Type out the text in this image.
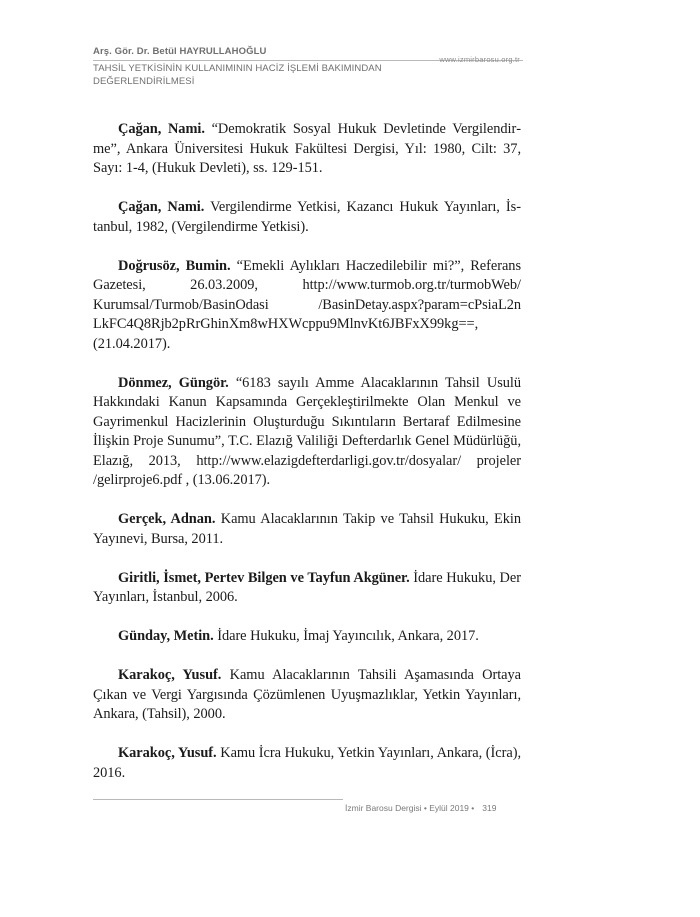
Arş. Gör. Dr. Betül HAYRULLAHOĞLU
www.izmirbarosu.org.tr
TAHSİL YETKİSİNİN KULLANIMININ HACİZ İŞLEMİ BAKIMINDAN DEĞERLENDİRİLMESİ

Çağan, Nami. “Demokratik Sosyal Hukuk Devletinde Vergilendirme”, Ankara Üniversitesi Hukuk Fakültesi Dergisi, Yıl: 1980, Cilt: 37, Sayı: 1-4, (Hukuk Devleti), ss. 129-151.

Çağan, Nami. Vergilendirme Yetkisi, Kazancı Hukuk Yayınları, İstanbul, 1982, (Vergilendirme Yetkisi).

Doğrusöz, Bumin. “Emekli Aylıkları Haczedilebilir mi?”, Referans Gazetesi, 26.03.2009, http://www.turmob.org.tr/turmobWeb/ Kurumsal/Turmob/BasinOdasi /BasinDetay.aspx?param=cPsiaL2n LkFC4Q8Rjb2pRrGhinXm8wHXWcppu9MlnvKt6JBFxX99kg==, (21.04.2017).

Dönmez, Güngör. “6183 sayılı Amme Alacaklarının Tahsil Usulü Hakkındaki Kanun Kapsamında Gerçekleştirilmekte Olan Menkul ve Gayrimenkul Hacizlerinin Oluşturduğu Sıkıntıların Bertaraf Edilmesine İlişkin Proje Sunumu”, T.C. Elazığ Valiliği Defterdarlık Genel Müdürlüğü, Elazığ, 2013, http://www.elazigdefterdarligi.gov.tr/dosyalar/ projeler /gelirproje6.pdf , (13.06.2017).

Gerçek, Adnan. Kamu Alacaklarının Takip ve Tahsil Hukuku, Ekin Yayınevi, Bursa, 2011.

Giritli, İsmet, Pertev Bilgen ve Tayfun Akgüner. İdare Hukuku, Der Yayınları, İstanbul, 2006.

Günday, Metin. İdare Hukuku, İmaj Yayıncılık, Ankara, 2017.

Karakoç, Yusuf. Kamu Alacaklarının Tahsili Aşamasında Ortaya Çıkan ve Vergi Yargısında Çözümlenen Uyuşmazlıklar, Yetkin Yayınları, Ankara, (Tahsil), 2000.

Karakoç, Yusuf. Kamu İcra Hukuku, Yetkin Yayınları, Ankara, (İcra), 2016.

İzmir Barosu Dergisi • Eylül 2019 • 319
